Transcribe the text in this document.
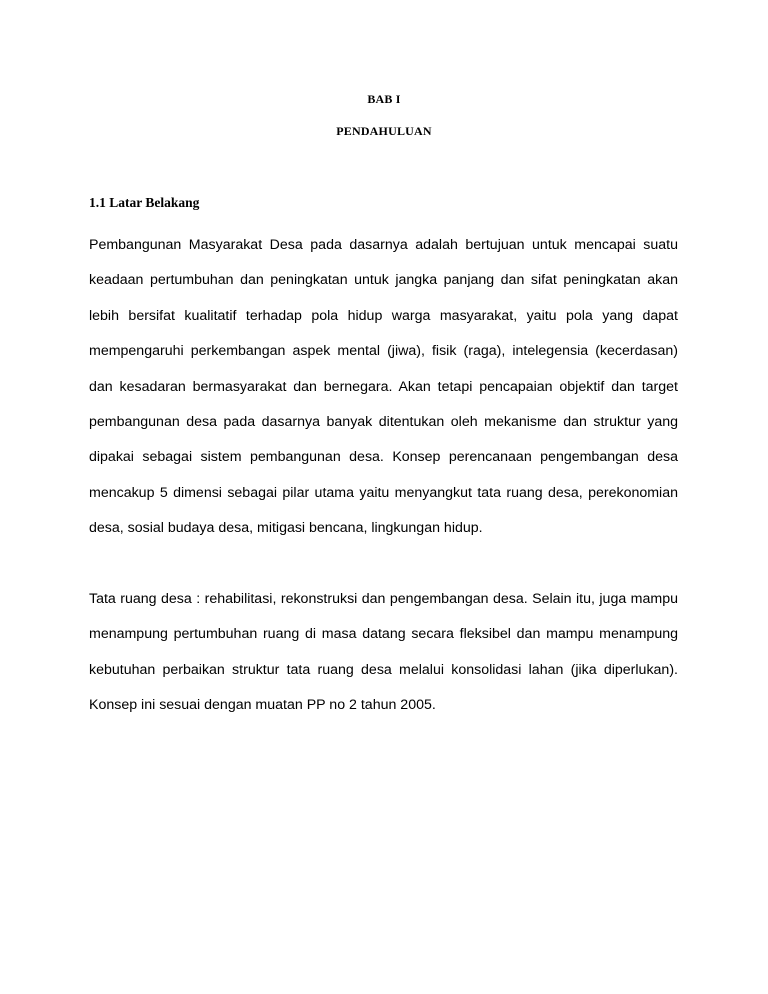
BAB I
PENDAHULUAN
1.1 Latar Belakang

Pembangunan Masyarakat Desa pada dasarnya adalah bertujuan untuk mencapai suatu keadaan pertumbuhan dan peningkatan untuk jangka panjang dan sifat peningkatan akan lebih bersifat kualitatif terhadap pola hidup warga masyarakat, yaitu pola yang dapat mempengaruhi perkembangan aspek mental (jiwa), fisik (raga), intelegensia (kecerdasan) dan kesadaran bermasyarakat dan bernegara. Akan tetapi pencapaian objektif dan target pembangunan desa pada dasarnya banyak ditentukan oleh mekanisme dan struktur yang dipakai sebagai sistem pembangunan desa. Konsep perencanaan pengembangan desa mencakup 5 dimensi sebagai pilar utama yaitu menyangkut tata ruang desa, perekonomian desa, sosial budaya desa, mitigasi bencana, lingkungan hidup.

Tata ruang desa : rehabilitasi, rekonstruksi dan pengembangan desa. Selain itu, juga mampu menampung pertumbuhan ruang di masa datang secara fleksibel dan mampu menampung kebutuhan perbaikan struktur tata ruang desa melalui konsolidasi lahan (jika diperlukan). Konsep ini sesuai dengan muatan PP no 2 tahun 2005.
